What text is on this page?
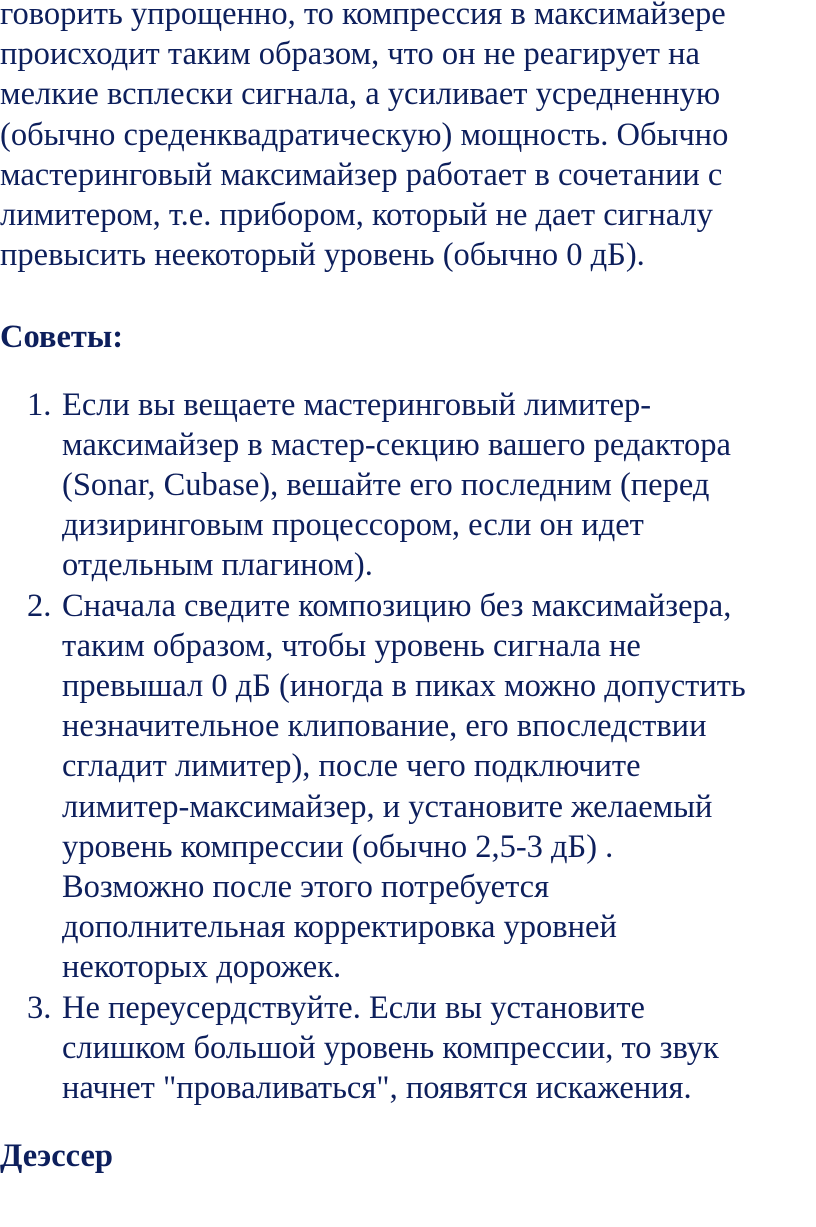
говорить упрощенно, то компрессия в максимайзере
происходит таким образом, что он не реагирует на
мелкие всплески сигнала, а усиливает усредненную
(обычно среденквадратическую) мощность. Обычно
мастеринговый максимайзер работает в сочетании с
лимитером, т.е. прибором, который не дает сигналу
превысить неекоторый уровень (обычно 0 дБ).
Советы:
1. Если вы вещаете мастеринговый лимитер-
максимайзер в мастер-секцию вашего редактора
(Sonar, Cubase), вешайте его последним (перед
дизиринговым процессором, если он идет
отдельным плагином).
2. Сначала сведите композицию без максимайзера,
таким образом, чтобы уровень сигнала не
превышал 0 дБ (иногда в пиках можно допустить
незначительное клипование, его впоследствии
сгладит лимитер), после чего подключите
лимитер-максимайзер, и установите желаемый
уровень компрессии (обычно 2,5-3 дБ) .
Возможно после этого потребуется
дополнительная корректировка уровней
некоторых дорожек.
3. Не переусердствуйте. Если вы установите
слишком большой уровень компрессии, то звук
начнет "проваливаться", появятся искажения.
Деэссер
